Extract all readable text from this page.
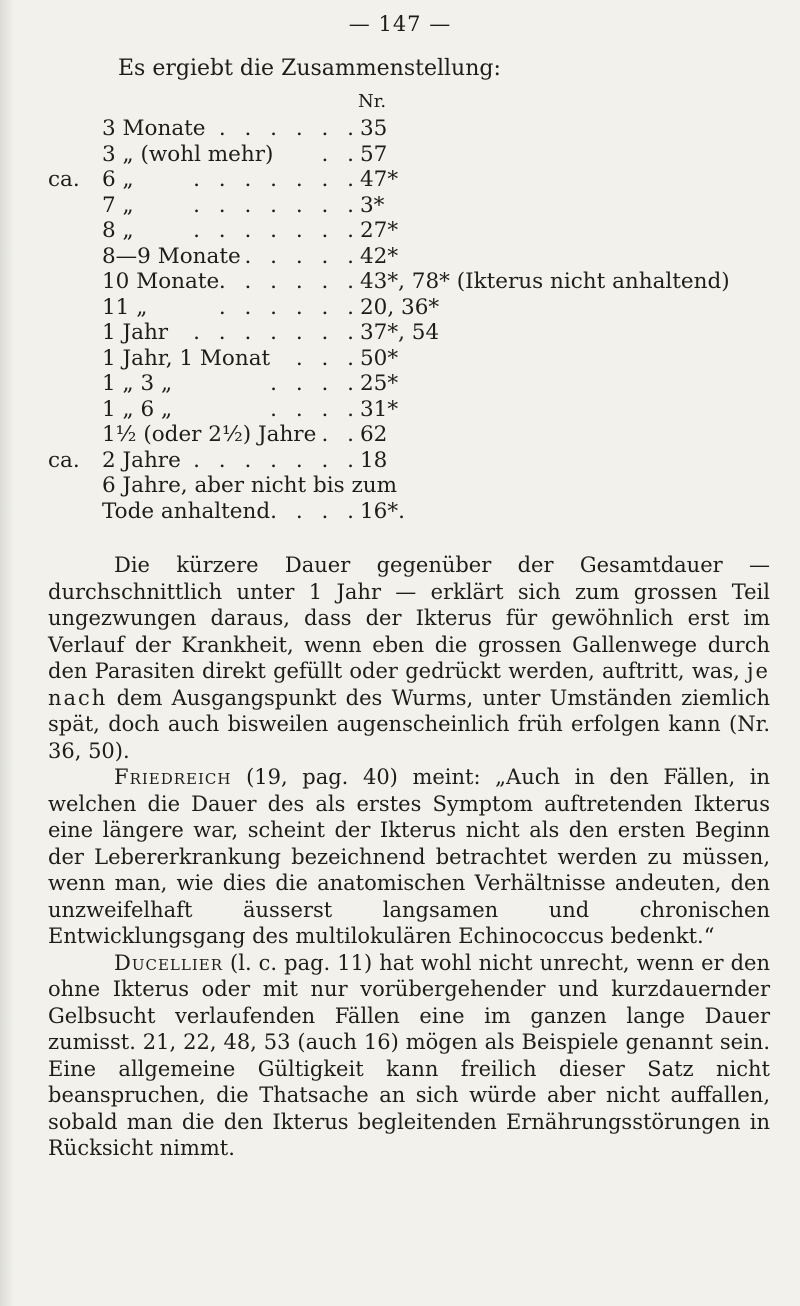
— 147 —
Es ergiebt die Zusammenstellung:
Nr.
3 Monate . . . . . . 35
3 „ (wohl mehr) . . 57
ca.	6 „	. . . . . . . 47*
7 „	. . . . . . . 3*
8 „	. . . . . . . 27*
8—9 Monate . . . . . 42*
10 Monate . . . . . . 43*, 78* (Ikterus nicht anhaltend)
11 „	. . . . . . 20, 36*
1 Jahr . . . . . . . 37*, 54
1 Jahr, 1 Monat . . . 50*
1 „ 3 „	. . . . 25*
1 „ 6 „	. . . . 31*
1½ (oder 2½) Jahre . . 62
ca.	2 Jahre . . . . . . . 18
6 Jahre, aber nicht bis zum
Tode anhaltend . . . . 16*.

Die kürzere Dauer gegenüber der Gesamtdauer — durchschnittlich unter 1 Jahr — erklärt sich zum grossen Teil ungezwungen daraus, dass der Ikterus für gewöhnlich erst im Verlauf der Krankheit, wenn eben die grossen Gallenwege durch den Parasiten direkt gefüllt oder gedrückt werden, auftritt, was, je nach dem Ausgangspunkt des Wurms, unter Umständen ziemlich spät, doch auch bisweilen augenscheinlich früh erfolgen kann (Nr. 36, 50).

Friedreich (19, pag. 40) meint: „Auch in den Fällen, in welchen die Dauer des als erstes Symptom auftretenden Ikterus eine längere war, scheint der Ikterus nicht als den ersten Beginn der Lebererkrankung bezeichnend betrachtet werden zu müssen, wenn man, wie dies die anatomischen Verhältnisse andeuten, den unzweifelhaft äusserst langsamen und chronischen Entwicklungsgang des multilokulären Echinococcus bedenkt.“

Ducellier (l. c. pag. 11) hat wohl nicht unrecht, wenn er den ohne Ikterus oder mit nur vorübergehender und kurzdauernder Gelbsucht verlaufenden Fällen eine im ganzen lange Dauer zumisst. 21, 22, 48, 53 (auch 16) mögen als Beispiele genannt sein. Eine allgemeine Gültigkeit kann freilich dieser Satz nicht beanspruchen, die Thatsache an sich würde aber nicht auffallen, sobald man die den Ikterus begleitenden Ernährungsstörungen in Rücksicht nimmt.
